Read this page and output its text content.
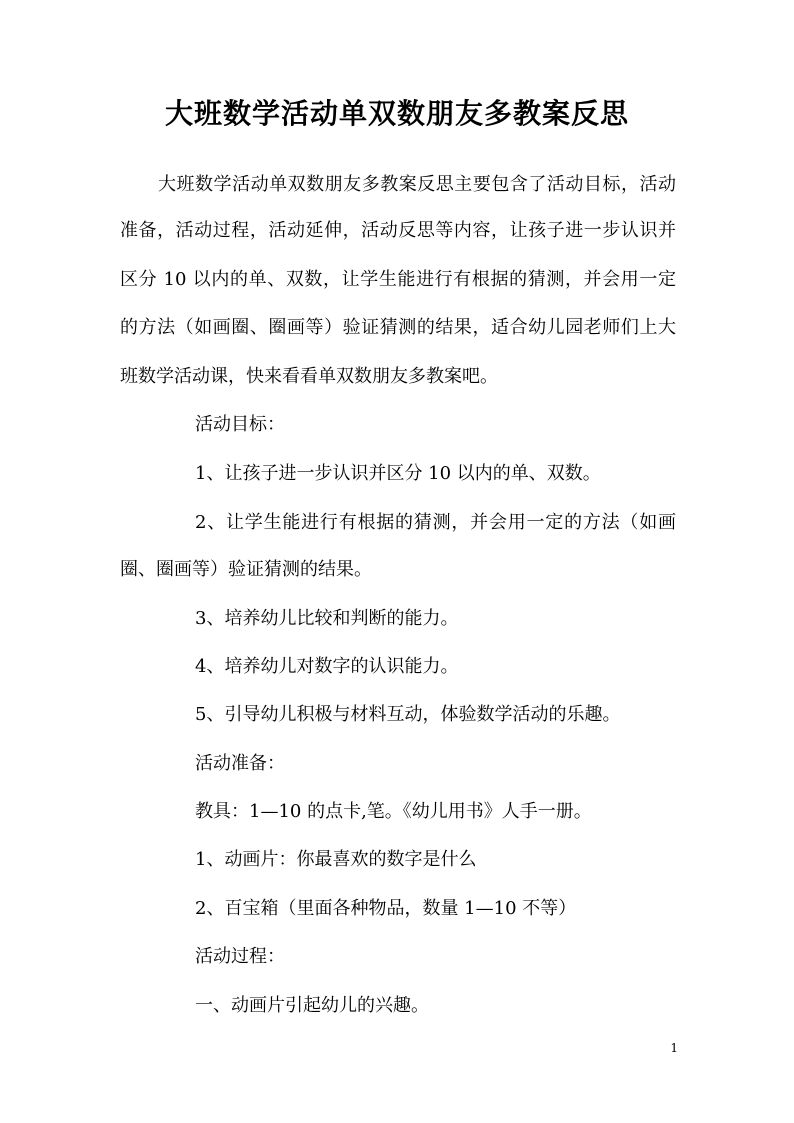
大班数学活动单双数朋友多教案反思
大班数学活动单双数朋友多教案反思主要包含了活动目标，活动
准备，活动过程，活动延伸，活动反思等内容，让孩子进一步认识并
区分 10 以内的单、双数，让学生能进行有根据的猜测，并会用一定
的方法（如画圈、圈画等）验证猜测的结果，适合幼儿园老师们上大
班数学活动课，快来看看单双数朋友多教案吧。
活动目标：
1、让孩子进一步认识并区分 10 以内的单、双数。
2、让学生能进行有根据的猜测，并会用一定的方法（如画
圈、圈画等）验证猜测的结果。
3、培养幼儿比较和判断的能力。
4、培养幼儿对数字的认识能力。
5、引导幼儿积极与材料互动，体验数学活动的乐趣。
活动准备：
教具：1—10 的点卡,笔。《幼儿用书》人手一册。
1、动画片：你最喜欢的数字是什么
2、百宝箱（里面各种物品，数量 1—10 不等）
活动过程：
一、动画片引起幼儿的兴趣。
1
